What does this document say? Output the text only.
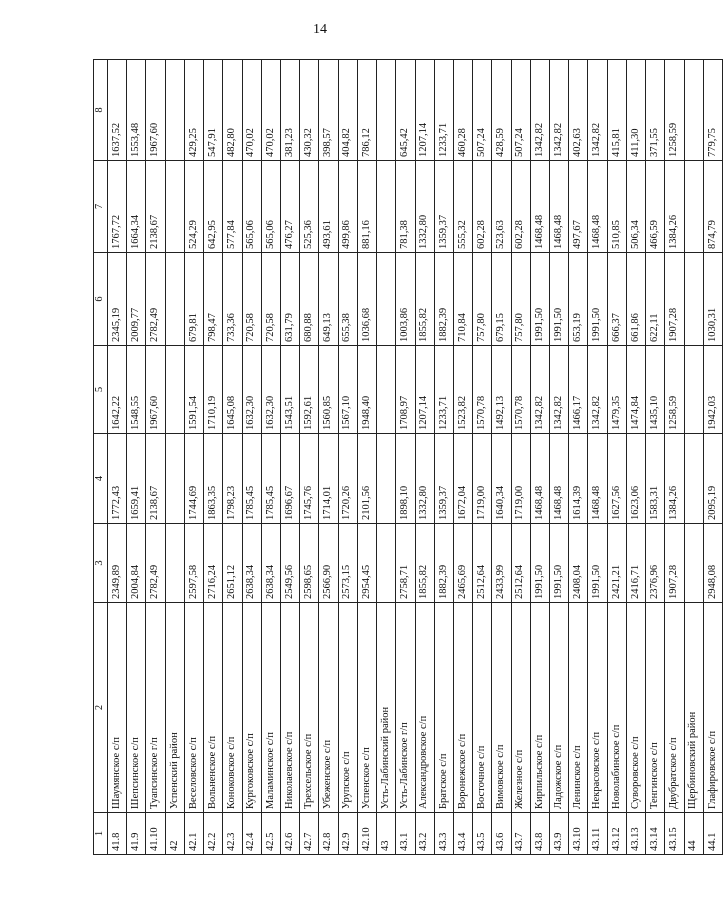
14
1	2	3	4	5	6	7	8
41.8	Шаумянское с/п	2349,89	1772,43	1642,22	2345,19	1767,72	1637,52
41.9	Шепсинское с/п	2004,84	1659,41	1548,55	2009,77	1664,34	1553,48
41.10	Туапсинское г/п	2782,49	2138,67	1967,60	2782,49	2138,67	1967,60
42	Успенский район						
42.1	Веселовское с/п	2597,58	1744,69	1591,54	679,81	524,29	429,25
42.2	Вольненское с/п	2716,24	1863,35	1710,19	798,47	642,95	547,91
42.3	Коноковское с/п	2651,12	1798,23	1645,08	733,36	577,84	482,80
42.4	Кургоковское с/п	2638,34	1785,45	1632,30	720,58	565,06	470,02
42.5	Маламинское с/п	2638,34	1785,45	1632,30	720,58	565,06	470,02
42.6	Николаевское с/п	2549,56	1696,67	1543,51	631,79	476,27	381,23
42.7	Трехсельское с/п	2598,65	1745,76	1592,61	680,88	525,36	430,32
42.8	Убеженское с/п	2566,90	1714,01	1560,85	649,13	493,61	398,57
42.9	Урупское с/п	2573,15	1720,26	1567,10	655,38	499,86	404,82
42.10	Успенское с/п	2954,45	2101,56	1948,40	1036,68	881,16	786,12
43	Усть-Лабинский район						
43.1	Усть-Лабинское г/п	2758,71	1898,10	1708,97	1003,86	781,38	645,42
43.2	Александровское с/п	1855,82	1332,80	1207,14	1855,82	1332,80	1207,14
43.3	Братское с/п	1882,39	1359,37	1233,71	1882,39	1359,37	1233,71
43.4	Воронежское с/п	2465,69	1672,04	1523,82	710,84	555,32	460,28
43.5	Восточное с/п	2512,64	1719,00	1570,78	757,80	602,28	507,24
43.6	Вимовское с/п	2433,99	1640,34	1492,13	679,15	523,63	428,59
43.7	Железное с/п	2512,64	1719,00	1570,78	757,80	602,28	507,24
43.8	Кирпильское с/п	1991,50	1468,48	1342,82	1991,50	1468,48	1342,82
43.9	Ладожское с/п	1991,50	1468,48	1342,82	1991,50	1468,48	1342,82
43.10	Ленинское с/п	2408,04	1614,39	1466,17	653,19	497,67	402,63
43.11	Некрасовское с/п	1991,50	1468,48	1342,82	1991,50	1468,48	1342,82
43.12	Новолабинское с/п	2421,21	1627,56	1479,35	666,37	510,85	415,81
43.13	Суворовское с/п	2416,71	1623,06	1474,84	661,86	506,34	411,30
43.14	Тенгинское с/п	2376,96	1583,31	1435,10	622,11	466,59	371,55
43.15	Двубратское с/п	1907,28	1384,26	1258,59	1907,28	1384,26	1258,59
44	Щербиновский район						
44.1	Глафировское с/п	2948,08	2095,19	1942,03	1030,31	874,79	779,75
